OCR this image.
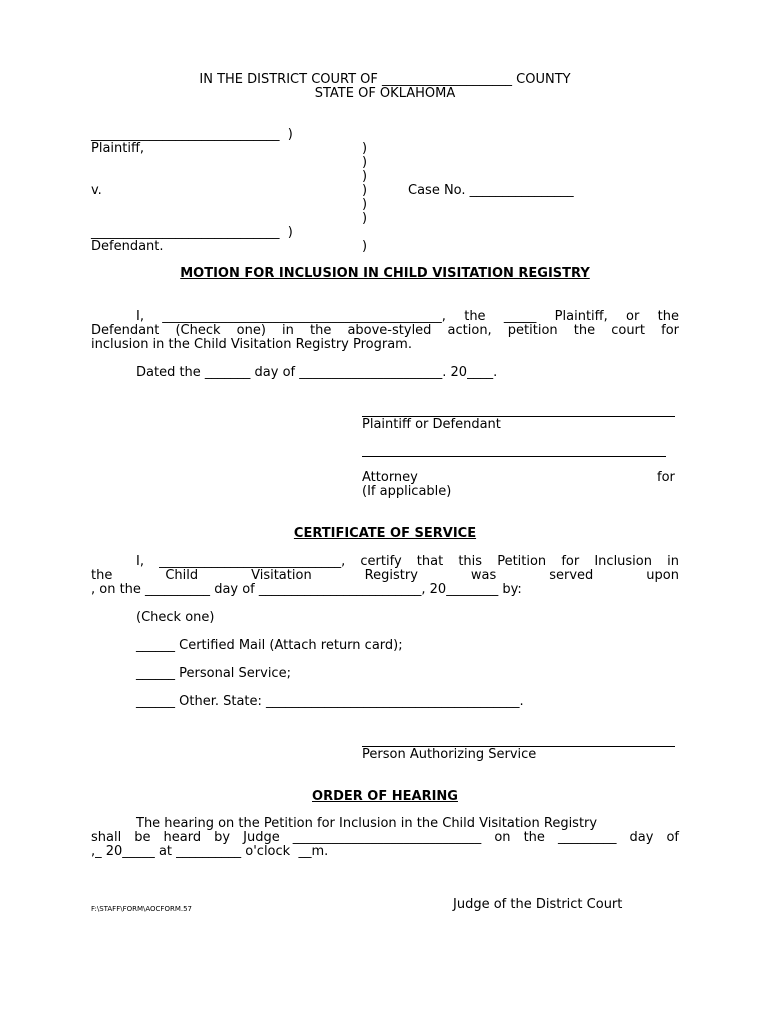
IN THE DISTRICT COURT OF ____________________ COUNTY
STATE OF OKLAHOMA
_____________________________  )
Plaintiff,	)
)
)
v.	)	Case No. ________________
)
)
_____________________________  )
Defendant.	)
MOTION FOR INCLUSION IN CHILD VISITATION REGISTRY
I, ___________________________________________, the _____ Plaintiff, or the
Defendant (Check one) in the above-styled action, petition the court for
inclusion in the Child Visitation Registry Program.
Dated the _______ day of ______________________. 20____.
Plaintiff or Defendant
Attorney	for
(If applicable)
CERTIFICATE OF SERVICE
I, ____________________________, certify that this Petition for Inclusion in
the	Child	Visitation	Registry	was	served	upon
, on the __________ day of _________________________, 20________ by:
(Check one)
______ Certified Mail (Attach return card);
______ Personal Service;
______ Other. State: _______________________________________.
Person Authorizing Service
ORDER OF HEARING
The hearing on the Petition for Inclusion in the Child Visitation Registry
shall be heard by Judge _____________________________ on the _________ day of
,_ 20_____ at __________ o'clock  __m.
F:\STAFF\FORM\AOCFORM.57	Judge of the District Court
